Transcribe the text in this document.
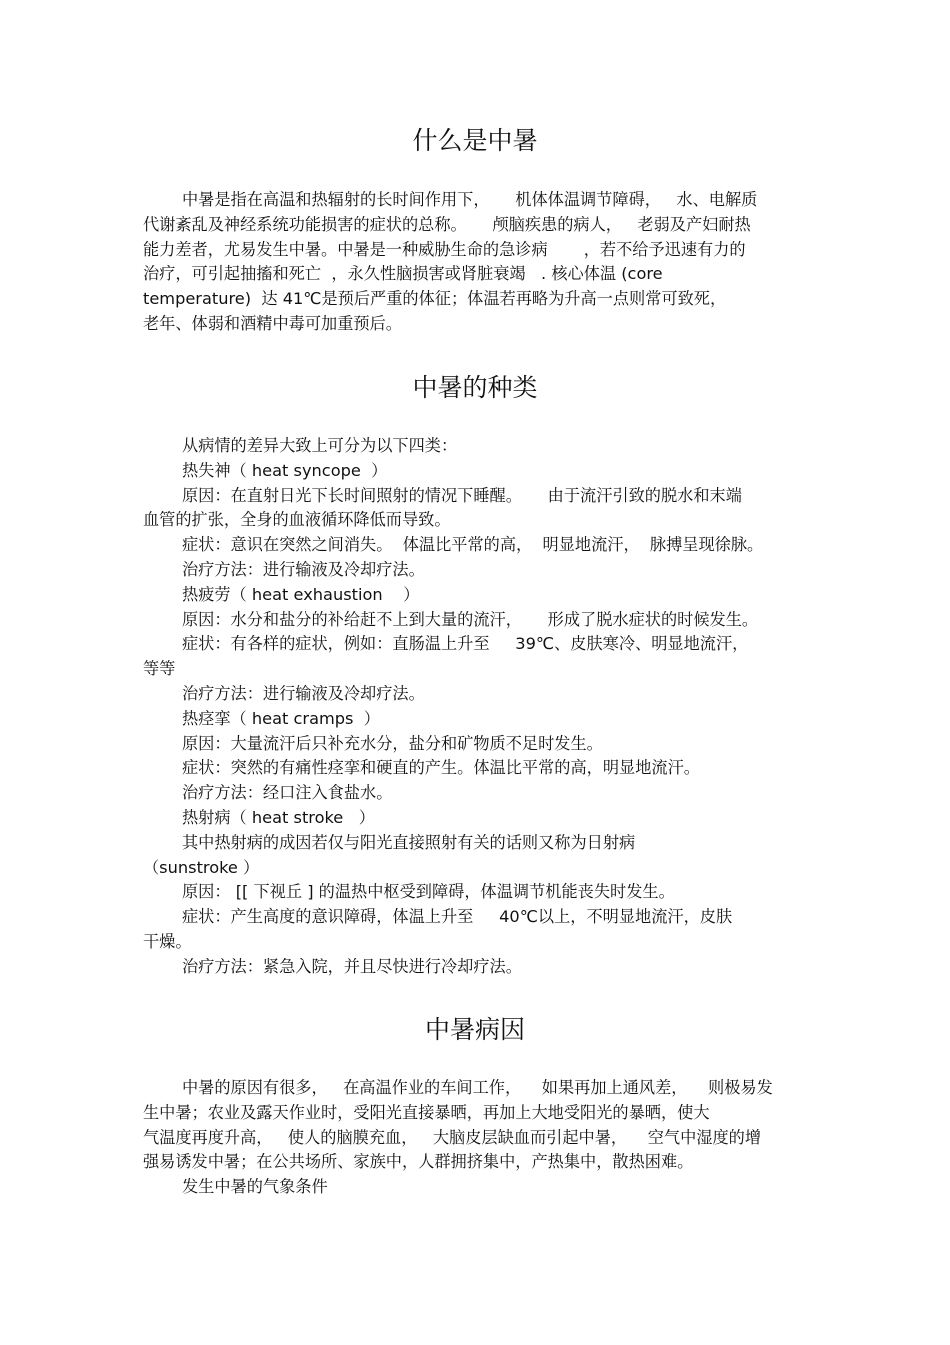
什么是中暑
中暑是指在高温和热辐射的长时间作用下，     机体体温调节障碍，   水、电解质
代谢紊乱及神经系统功能损害的症状的总称。     颅脑疾患的病人，   老弱及产妇耐热
能力差者，尤易发生中暑。中暑是一种威胁生命的急诊病       ，若不给予迅速有力的
治疗，可引起抽搐和死亡  ，永久性脑损害或肾脏衰竭   . 核心体温 (core
temperature)  达 41℃是预后严重的体征；体温若再略为升高一点则常可致死，
老年、体弱和酒精中毒可加重预后。
中暑的种类
从病情的差异大致上可分为以下四类：
热失神（ heat syncope  ）
原因：在直射日光下长时间照射的情况下睡醒。     由于流汗引致的脱水和末端
血管的扩张，全身的血液循环降低而导致。
症状：意识在突然之间消失。  体温比平常的高，  明显地流汗，  脉搏呈现徐脉。
治疗方法：进行输液及冷却疗法。
热疲劳（ heat exhaustion    ）
原因：水分和盐分的补给赶不上到大量的流汗，     形成了脱水症状的时候发生。
症状：有各样的症状，例如：直肠温上升至     39℃、皮肤寒冷、明显地流汗，
等等
治疗方法：进行输液及冷却疗法。
热痉挛（ heat cramps  ）
原因：大量流汗后只补充水分，盐分和矿物质不足时发生。
症状：突然的有痛性痉挛和硬直的产生。体温比平常的高，明显地流汗。
治疗方法：经口注入食盐水。
热射病（ heat stroke   ）
其中热射病的成因若仅与阳光直接照射有关的话则又称为日射病
（sunstroke ）
原因： [[ 下视丘 ] 的温热中枢受到障碍，体温调节机能丧失时发生。
症状：产生高度的意识障碍，体温上升至     40℃以上，不明显地流汗，皮肤
干燥。
治疗方法：紧急入院，并且尽快进行冷却疗法。
中暑病因
中暑的原因有很多，   在高温作业的车间工作，    如果再加上通风差，    则极易发
生中暑；农业及露天作业时，受阳光直接暴晒，再加上大地受阳光的暴晒，使大
气温度再度升高，   使人的脑膜充血，   大脑皮层缺血而引起中暑，    空气中湿度的增
强易诱发中暑；在公共场所、家族中，人群拥挤集中，产热集中，散热困难。
发生中暑的气象条件
